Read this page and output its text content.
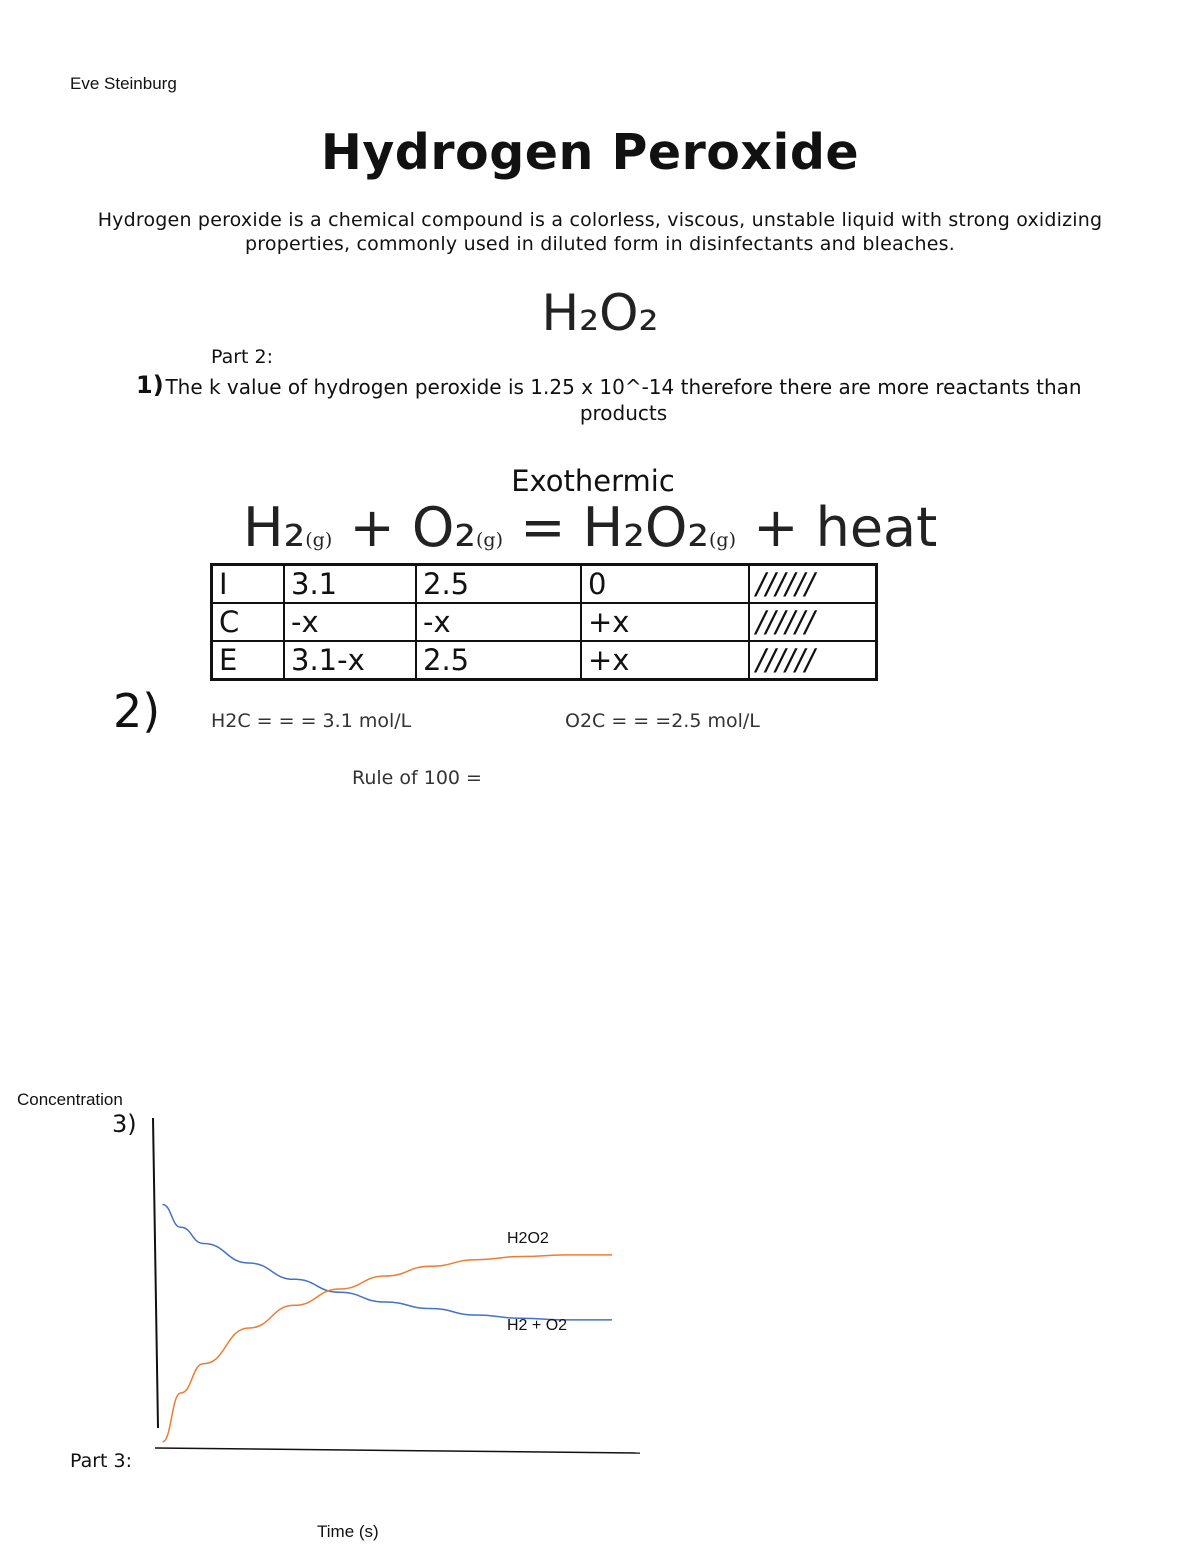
Eve Steinburg
Hydrogen Peroxide
Hydrogen peroxide is a chemical compound is a colorless, viscous, unstable liquid with strong oxidizing properties, commonly used in diluted form in disinfectants and bleaches.
H₂O₂
Part 2:
1) The k value of hydrogen peroxide is 1.25 x 10^-14 therefore there are more reactants than products
Exothermic
H₂(g) + O₂(g) = H₂O₂(g) + heat
I	3.1	2.5	0	//////
C	-x	-x	+x	//////
E	3.1-x	2.5	+x	//////
2)	H2C = = = 3.1 mol/L	O2C = = =2.5 mol/L
Rule of 100 =
H2 + O2
H2O2
Concentration
3)
Part 3:
Time (s)
